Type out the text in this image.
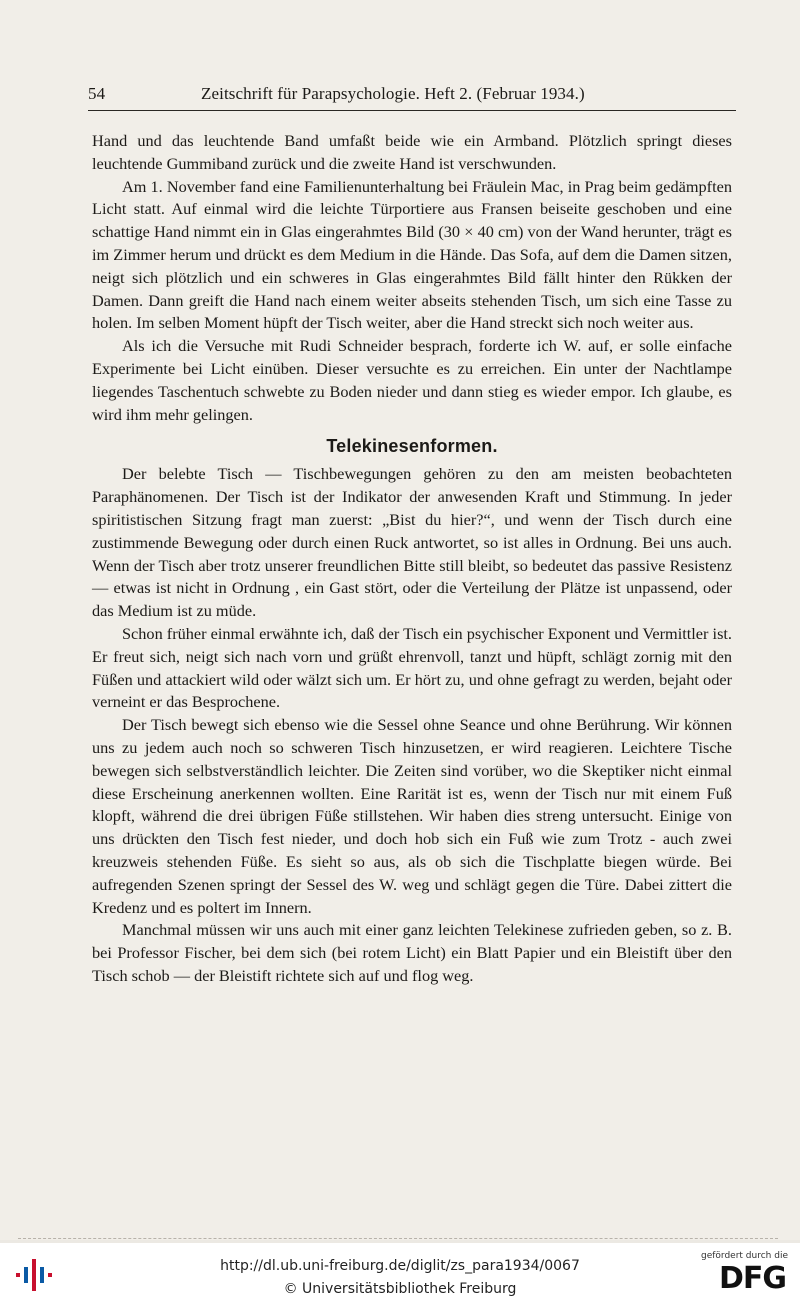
54	Zeitschrift für Parapsychologie. Heft 2. (Februar 1934.)

Hand und das leuchtende Band umfaßt beide wie ein Armband. Plötzlich springt dieses leuchtende Gummiband zurück und die zweite Hand ist verschwunden.

Am 1. November fand eine Familienunterhaltung bei Fräulein Mac, in Prag beim gedämpften Licht statt. Auf einmal wird die leichte Türportiere aus Fransen beiseite geschoben und eine schattige Hand nimmt ein in Glas eingerahmtes Bild (30 × 40 cm) von der Wand herunter, trägt es im Zimmer herum und drückt es dem Medium in die Hände. Das Sofa, auf dem die Damen sitzen, neigt sich plötzlich und ein schweres in Glas eingerahmtes Bild fällt hinter den Rükken der Damen. Dann greift die Hand nach einem weiter abseits stehenden Tisch, um sich eine Tasse zu holen. Im selben Moment hüpft der Tisch weiter, aber die Hand streckt sich noch weiter aus.

Als ich die Versuche mit Rudi Schneider besprach, forderte ich W. auf, er solle einfache Experimente bei Licht einüben. Dieser versuchte es zu erreichen. Ein unter der Nachtlampe liegendes Taschentuch schwebte zu Boden nieder und dann stieg es wieder empor. Ich glaube, es wird ihm mehr gelingen.

Telekinesenformen.

Der belebte Tisch — Tischbewegungen gehören zu den am meisten beobachteten Paraphänomenen. Der Tisch ist der Indikator der anwesenden Kraft und Stimmung. In jeder spiritistischen Sitzung fragt man zuerst: „Bist du hier?“, und wenn der Tisch durch eine zustimmende Bewegung oder durch einen Ruck antwortet, so ist alles in Ordnung. Bei uns auch. Wenn der Tisch aber trotz unserer freundlichen Bitte still bleibt, so bedeutet das passive Resistenz — etwas ist nicht in Ordnung , ein Gast stört, oder die Verteilung der Plätze ist unpassend, oder das Medium ist zu müde.

Schon früher einmal erwähnte ich, daß der Tisch ein psychischer Exponent und Vermittler ist. Er freut sich, neigt sich nach vorn und grüßt ehrenvoll, tanzt und hüpft, schlägt zornig mit den Füßen und attackiert wild oder wälzt sich um. Er hört zu, und ohne gefragt zu werden, bejaht oder verneint er das Besprochene.

Der Tisch bewegt sich ebenso wie die Sessel ohne Seance und ohne Berührung. Wir können uns zu jedem auch noch so schweren Tisch hinzusetzen, er wird reagieren. Leichtere Tische bewegen sich selbstverständlich leichter. Die Zeiten sind vorüber, wo die Skeptiker nicht einmal diese Erscheinung anerkennen wollten. Eine Rarität ist es, wenn der Tisch nur mit einem Fuß klopft, während die drei übrigen Füße stillstehen. Wir haben dies streng untersucht. Einige von uns drückten den Tisch fest nieder, und doch hob sich ein Fuß wie zum Trotz - auch zwei kreuzweis stehenden Füße. Es sieht so aus, als ob sich die Tischplatte biegen würde. Bei aufregenden Szenen springt der Sessel des W. weg und schlägt gegen die Türe. Dabei zittert die Kredenz und es poltert im Innern.

Manchmal müssen wir uns auch mit einer ganz leichten Telekinese zufrieden geben, so z. B. bei Professor Fischer, bei dem sich (bei rotem Licht) ein Blatt Papier und ein Bleistift über den Tisch schob — der Bleistift richtete sich auf und flog weg.

http://dl.ub.uni-freiburg.de/diglit/zs_para1934/0067
© Universitätsbibliothek Freiburg
gefördert durch die
DFG
